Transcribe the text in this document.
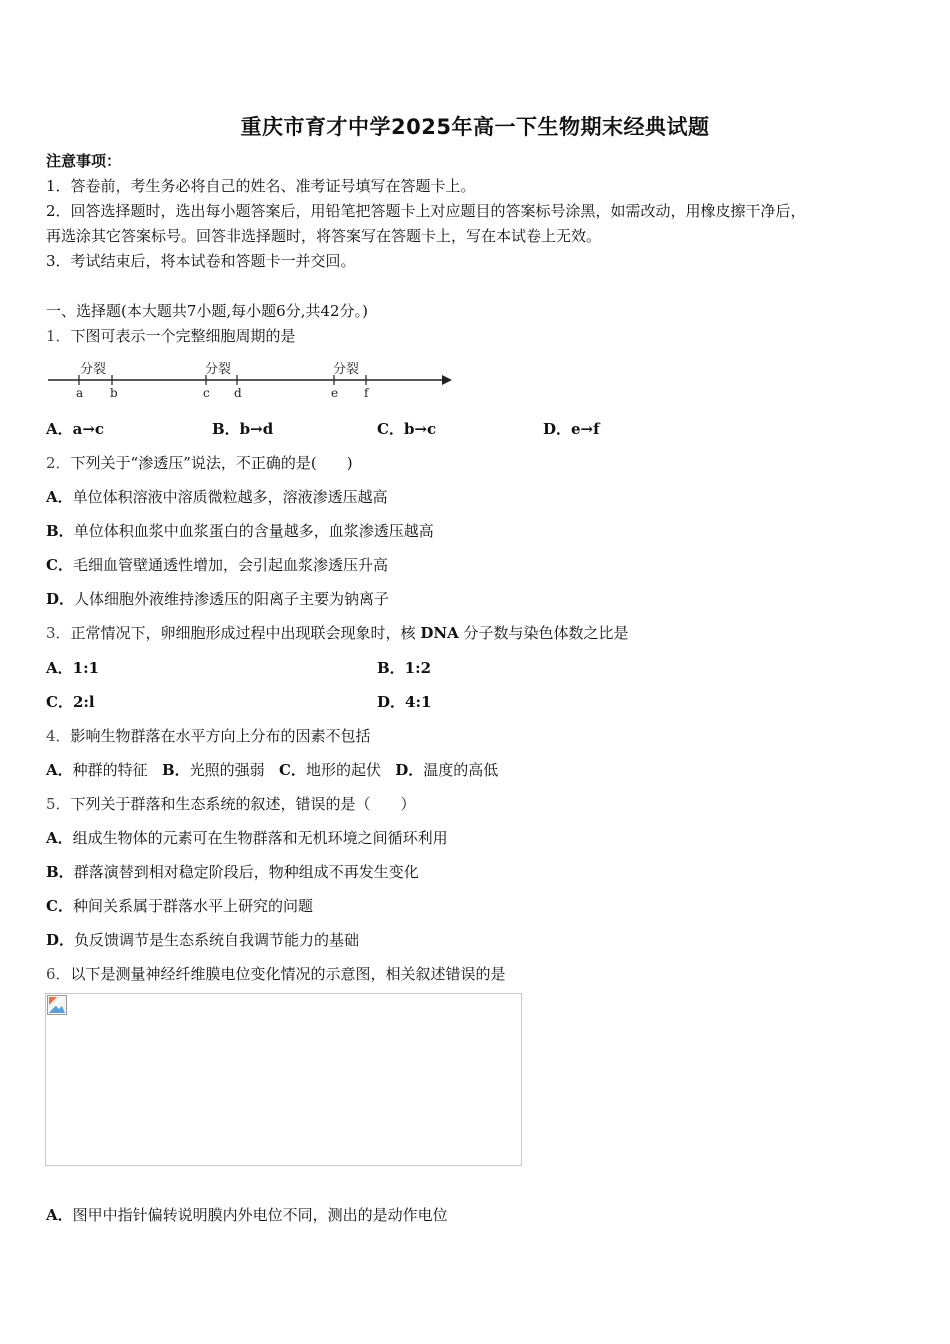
重庆市育才中学2025年高一下生物期末经典试题
注意事项：
1．答卷前，考生务必将自己的姓名、准考证号填写在答题卡上。
2．回答选择题时，选出每小题答案后，用铅笔把答题卡上对应题目的答案标号涂黑，如需改动，用橡皮擦干净后，
再选涂其它答案标号。回答非选择题时，将答案写在答题卡上，写在本试卷上无效。
3．考试结束后，将本试卷和答题卡一并交回。
一、选择题(本大题共7小题,每小题6分,共42分。)
1．下图可表示一个完整细胞周期的是
分裂	分裂	分裂
a b	c d	e f
A．a→c	B．b→d	C．b→c	D．e→f
2．下列关于“渗透压”说法，不正确的是(　　)
A．单位体积溶液中溶质微粒越多，溶液渗透压越高
B．单位体积血浆中血浆蛋白的含量越多，血浆渗透压越高
C．毛细血管壁通透性增加，会引起血浆渗透压升高
D．人体细胞外液维持渗透压的阳离子主要为钠离子
3．正常情况下，卵细胞形成过程中出现联会现象时，核 DNA 分子数与染色体数之比是
A．1:1	B．1:2
C．2:l	D．4:1
4．影响生物群落在水平方向上分布的因素不包括
A．种群的特征 B．光照的强弱 C．地形的起伏 D．温度的高低
5．下列关于群落和生态系统的叙述，错误的是（　　）
A．组成生物体的元素可在生物群落和无机环境之间循环利用
B．群落演替到相对稳定阶段后，物种组成不再发生变化
C．种间关系属于群落水平上研究的问题
D．负反馈调节是生态系统自我调节能力的基础
6．以下是测量神经纤维膜电位变化情况的示意图，相关叙述错误的是
A．图甲中指针偏转说明膜内外电位不同，测出的是动作电位
